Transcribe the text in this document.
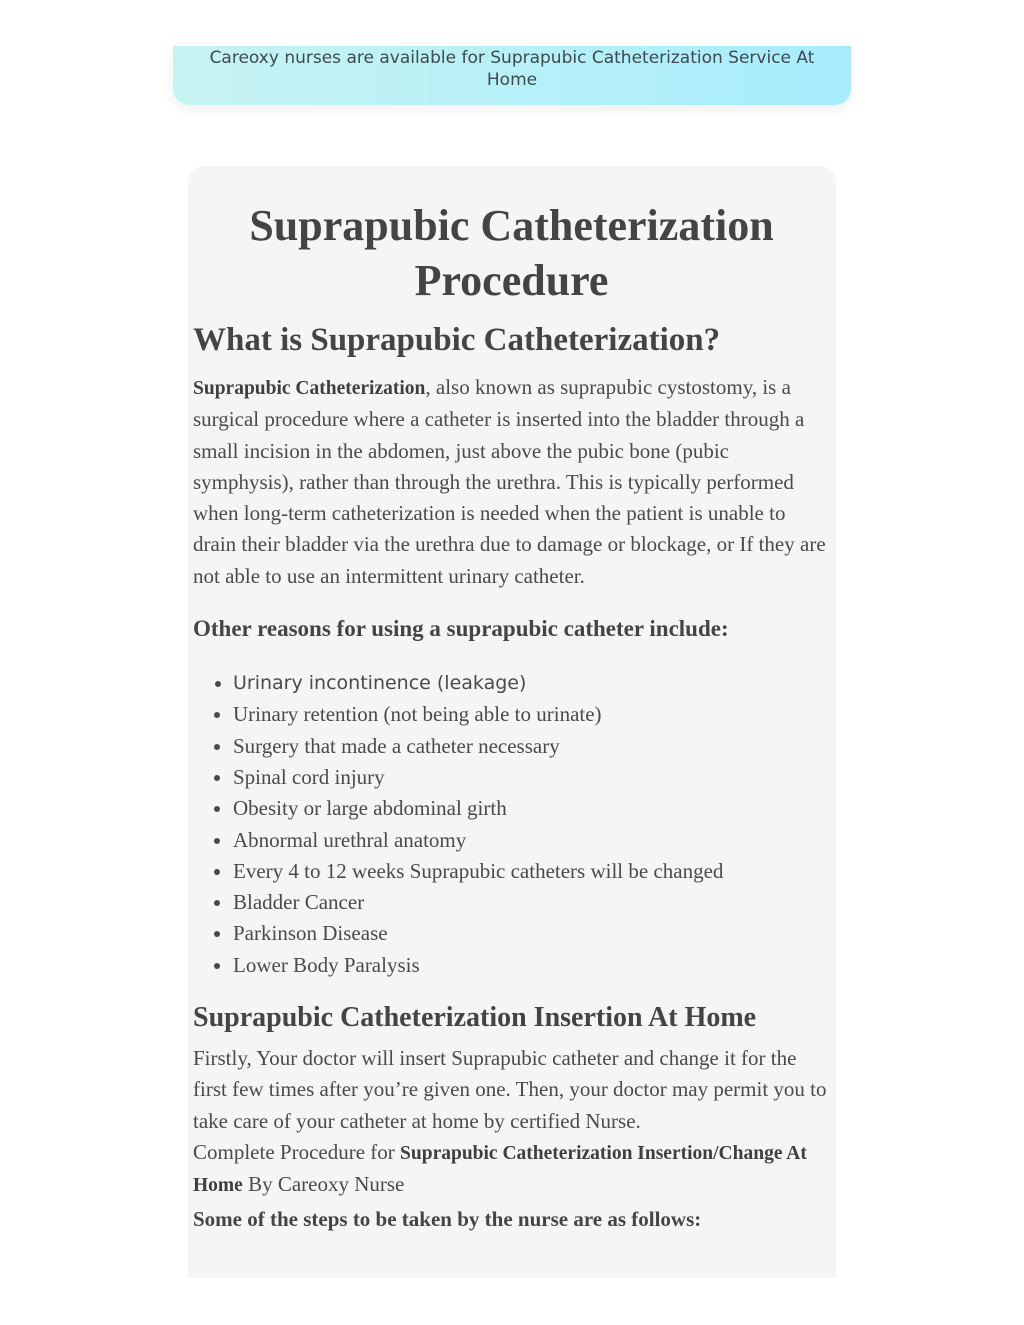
Careoxy nurses are available for Suprapubic Catheterization Service At Home
Suprapubic Catheterization Procedure
What is Suprapubic Catheterization?

Suprapubic Catheterization, also known as suprapubic cystostomy, is a surgical procedure where a catheter is inserted into the bladder through a small incision in the abdomen, just above the pubic bone (pubic symphysis), rather than through the urethra. This is typically performed when long-term catheterization is needed when the patient is unable to drain their bladder via the urethra due to damage or blockage, or If they are not able to use an intermittent urinary catheter.

Other reasons for using a suprapubic catheter include:
• Urinary incontinence (leakage)
• Urinary retention (not being able to urinate)
• Surgery that made a catheter necessary
• Spinal cord injury
• Obesity or large abdominal girth
• Abnormal urethral anatomy
• Every 4 to 12 weeks Suprapubic catheters will be changed
• Bladder Cancer
• Parkinson Disease
• Lower Body Paralysis
Suprapubic Catheterization Insertion At Home

Firstly, Your doctor will insert Suprapubic catheter and change it for the first few times after you’re given one. Then, your doctor may permit you to take care of your catheter at home by certified Nurse.
Complete Procedure for Suprapubic Catheterization Insertion/Change At Home By Careoxy Nurse

Some of the steps to be taken by the nurse are as follows:
